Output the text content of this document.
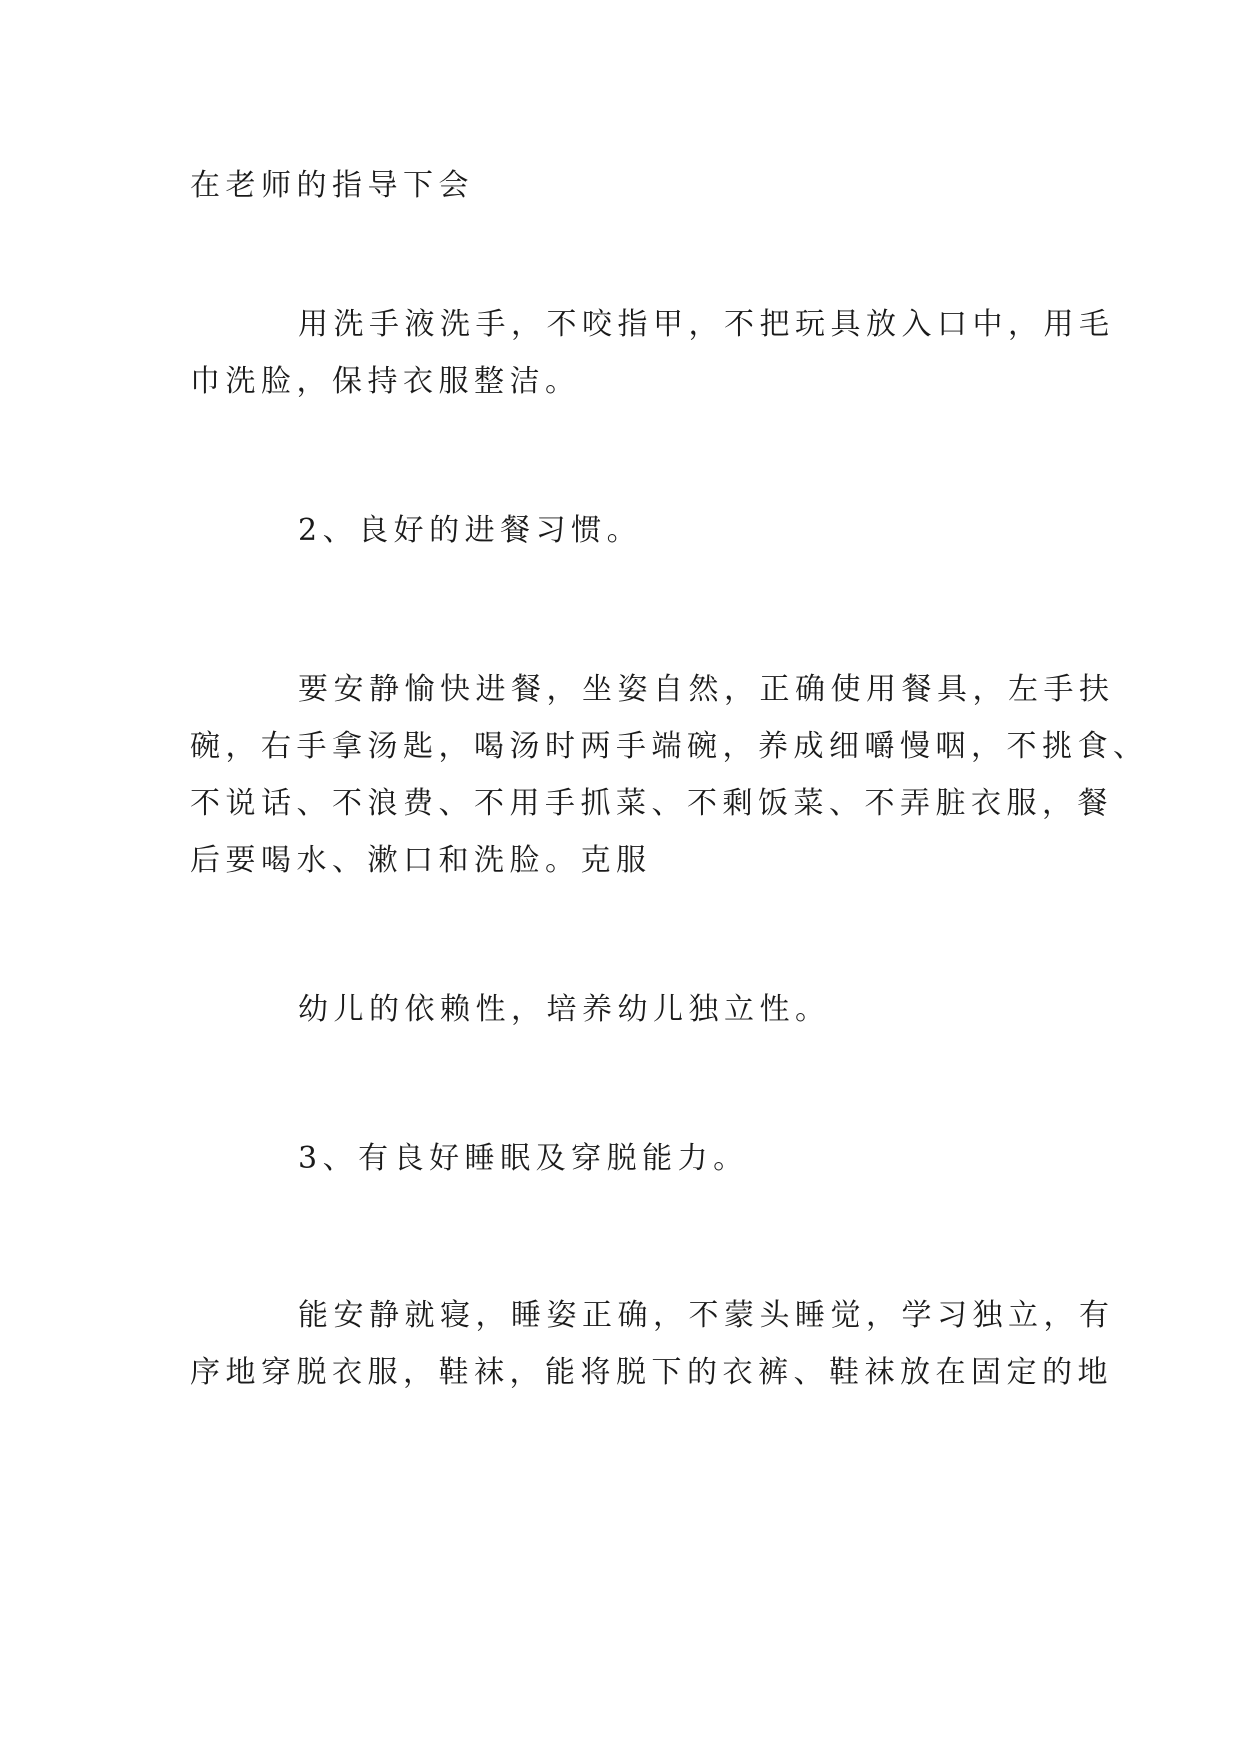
在老师的指导下会

用洗手液洗手，不咬指甲，不把玩具放入口中，用毛

巾洗脸，保持衣服整洁。

2、良好的进餐习惯。

要安静愉快进餐，坐姿自然，正确使用餐具，左手扶

碗，右手拿汤匙，喝汤时两手端碗，养成细嚼慢咽，不挑食、

不说话、不浪费、不用手抓菜、不剩饭菜、不弄脏衣服，餐

后要喝水、漱口和洗脸。克服

幼儿的依赖性，培养幼儿独立性。

3、有良好睡眠及穿脱能力。

能安静就寝，睡姿正确，不蒙头睡觉，学习独立，有

序地穿脱衣服，鞋袜，能将脱下的衣裤、鞋袜放在固定的地
